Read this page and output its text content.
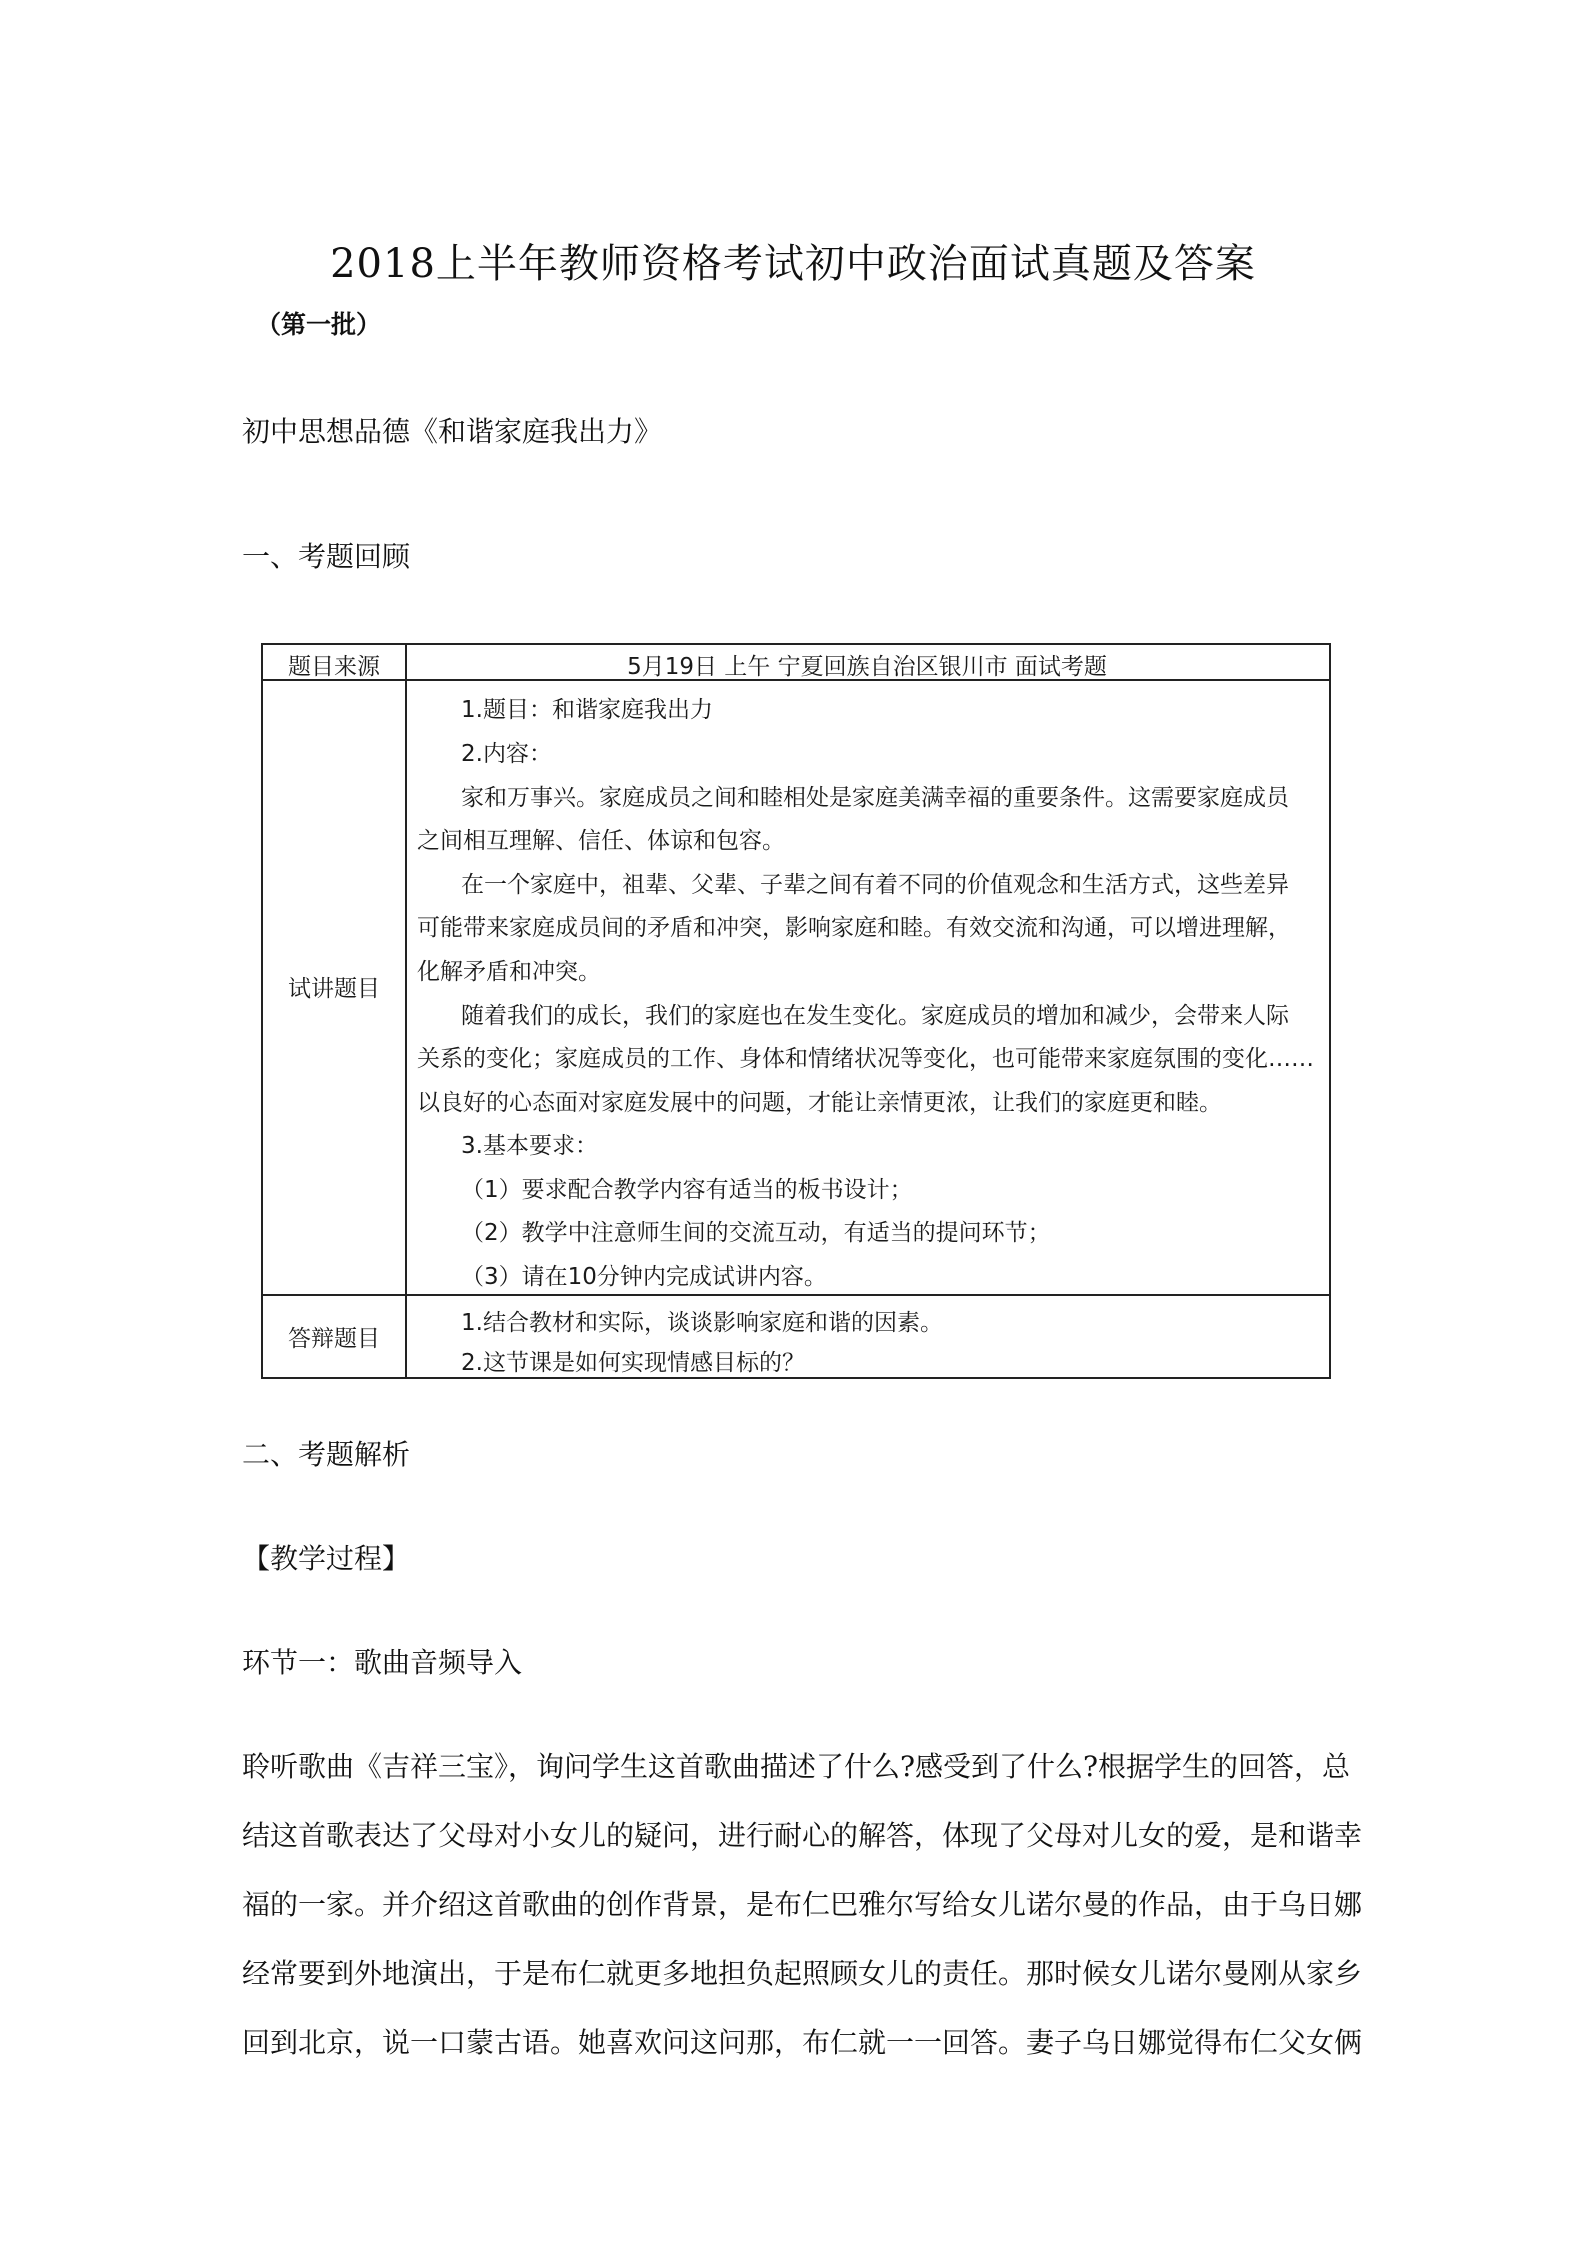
2018上半年教师资格考试初中政治面试真题及答案
（第一批）
初中思想品德《和谐家庭我出力》
一、考题回顾
题目来源	5月19日 上午 宁夏回族自治区银川市 面试考题
试讲题目
1.题目：和谐家庭我出力
2.内容：
家和万事兴。家庭成员之间和睦相处是家庭美满幸福的重要条件。这需要家庭成员
之间相互理解、信任、体谅和包容。
在一个家庭中，祖辈、父辈、子辈之间有着不同的价值观念和生活方式，这些差异
可能带来家庭成员间的矛盾和冲突，影响家庭和睦。有效交流和沟通，可以增进理解，
化解矛盾和冲突。
随着我们的成长，我们的家庭也在发生变化。家庭成员的增加和减少，会带来人际
关系的变化；家庭成员的工作、身体和情绪状况等变化，也可能带来家庭氛围的变化……
以良好的心态面对家庭发展中的问题，才能让亲情更浓，让我们的家庭更和睦。
3.基本要求：
（1）要求配合教学内容有适当的板书设计；
（2）教学中注意师生间的交流互动，有适当的提问环节；
（3）请在10分钟内完成试讲内容。
答辩题目
1.结合教材和实际，谈谈影响家庭和谐的因素。
2.这节课是如何实现情感目标的？
二、考题解析
【教学过程】
环节一：歌曲音频导入
聆听歌曲《吉祥三宝》，询问学生这首歌曲描述了什么?感受到了什么?根据学生的回答，总
结这首歌表达了父母对小女儿的疑问，进行耐心的解答，体现了父母对儿女的爱，是和谐幸
福的一家。并介绍这首歌曲的创作背景，是布仁巴雅尔写给女儿诺尔曼的作品，由于乌日娜
经常要到外地演出，于是布仁就更多地担负起照顾女儿的责任。那时候女儿诺尔曼刚从家乡
回到北京，说一口蒙古语。她喜欢问这问那，布仁就一一回答。妻子乌日娜觉得布仁父女俩
